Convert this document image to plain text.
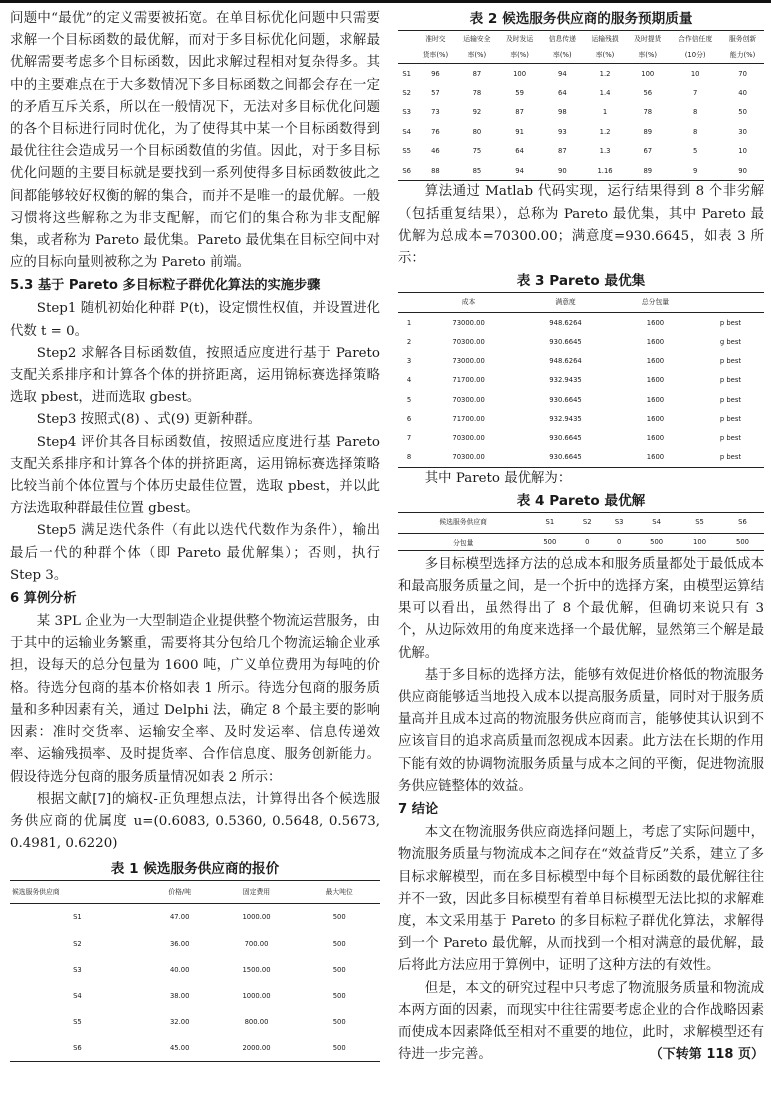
问题中“最优”的定义需要被拓宽。在单目标优化问题中只需要求解一个目标函数的最优解，而对于多目标优化问题，求解最优解需要考虑多个目标函数，因此求解过程相对复杂得多。其中的主要难点在于大多数情况下多目标函数之间都会存在一定的矛盾互斥关系，所以在一般情况下，无法对多目标优化问题的各个目标进行同时优化，为了使得其中某一个目标函数得到最优往往会造成另一个目标函数值的劣值。因此，对于多目标优化问题的主要目标就是要找到一系列使得多目标函数彼此之间都能够较好权衡的解的集合，而并不是唯一的最优解。一般习惯将这些解称之为非支配解，而它们的集合称为非支配解集，或者称为 Pareto 最优集。Pareto 最优集在目标空间中对应的目标向量则被称之为 Pareto 前端。

5.3 基于 Pareto 多目标粒子群优化算法的实施步骤

Step1 随机初始化种群 P(t)，设定惯性权值，并设置进化代数 t = 0。

Step2 求解各目标函数值，按照适应度进行基于 Pareto 支配关系排序和计算各个体的拼挤距离，运用锦标赛选择策略选取 pbest，进而选取 gbest。

Step3 按照式(8) 、式(9) 更新种群。

Step4 评价其各目标函数值，按照适应度进行基 Pareto 支配关系排序和计算各个体的拼挤距离，运用锦标赛选择策略比较当前个体位置与个体历史最佳位置，选取 pbest，并以此方法选取种群最佳位置 gbest。

Step5 满足迭代条件（有此以迭代代数作为条件），输出最后一代的种群个体（即 Pareto 最优解集）；否则，执行 Step 3。

6 算例分析

某 3PL 企业为一大型制造企业提供整个物流运营服务，由于其中的运输业务繁重，需要将其分包给几个物流运输企业承担，设每天的总分包量为 1600 吨，广义单位费用为每吨的价格。待选分包商的基本价格如表 1 所示。待选分包商的服务质量和多种因素有关，通过 Delphi 法，确定 8 个最主要的影响因素：准时交货率、运输安全率、及时发运率、信息传递效率、运输残损率、及时提货率、合作信息度、服务创新能力。假设待选分包商的服务质量情况如表 2 所示：

根据文献[7]的熵权-正负理想点法，计算得出各个候选服务供应商的优属度 u=(0.6083, 0.5360, 0.5648, 0.5673, 0.4981, 0.6220)

表 1 候选服务供应商的报价
候选服务供应商	价格/吨	固定费用	最大吨位
S1	47.00	1000.00	500
S2	36.00	700.00	500
S3	40.00	1500.00	500
S4	38.00	1000.00	500
S5	32.00	800.00	500
S6	45.00	2000.00	500
表 2 候选服务供应商的服务预期质量
	准时交	运输安全	及时发运	信息传递	运输残损	及时提货	合作信任度	服务创新
	货率(%)	率(%)	率(%)	率(%)	率(%)	率(%)	(10分)	能力(%)
S1	96	87	100	94	1.2	100	10	70
S2	57	78	59	64	1.4	56	7	40
S3	73	92	87	98	1	78	8	50
S4	76	80	91	93	1.2	89	8	30
S5	46	75	64	87	1.3	67	5	10
S6	88	85	94	90	1.16	89	9	90

算法通过 Matlab 代码实现，运行结果得到 8 个非劣解（包括重复结果），总称为 Pareto 最优集，其中 Pareto 最优解为总成本=70300.00；满意度=930.6645，如表 3 所示：

表 3 Pareto 最优集
	成本	满意度	总分包量	
1	73000.00	948.6264	1600	p best
2	70300.00	930.6645	1600	g best
3	73000.00	948.6264	1600	p best
4	71700.00	932.9435	1600	p best
5	70300.00	930.6645	1600	p best
6	71700.00	932.9435	1600	p best
7	70300.00	930.6645	1600	p best
8	70300.00	930.6645	1600	p best

其中 Pareto 最优解为：

表 4 Pareto 最优解
候选服务供应商	S1	S2	S3	S4	S5	S6
分包量	500	0	0	500	100	500

多目标模型选择方法的总成本和服务质量都处于最低成本和最高服务质量之间，是一个折中的选择方案，由模型运算结果可以看出，虽然得出了 8 个最优解，但确切来说只有 3 个，从边际效用的角度来选择一个最优解，显然第三个解是最优解。

基于多目标的选择方法，能够有效促进价格低的物流服务供应商能够适当地投入成本以提高服务质量，同时对于服务质量高并且成本过高的物流服务供应商而言，能够使其认识到不应该盲目的追求高质量而忽视成本因素。此方法在长期的作用下能有效的协调物流服务质量与成本之间的平衡，促进物流服务供应链整体的效益。

7 结论

本文在物流服务供应商选择问题上，考虑了实际问题中，物流服务质量与物流成本之间存在“效益背反”关系，建立了多目标求解模型，而在多目标模型中每个目标函数的最优解往往并不一致，因此多目标模型有着单目标模型无法比拟的求解难度，本文采用基于 Pareto 的多目标粒子群优化算法，求解得到一个 Pareto 最优解，从而找到一个相对满意的最优解，最后将此方法应用于算例中，证明了这种方法的有效性。

但是，本文的研究过程中只考虑了物流服务质量和物流成本两方面的因素，而现实中往往需要考虑企业的合作战略因素而使成本因素降低至相对不重要的地位，此时，求解模型还有待进一步完善。	（下转第 118 页）
